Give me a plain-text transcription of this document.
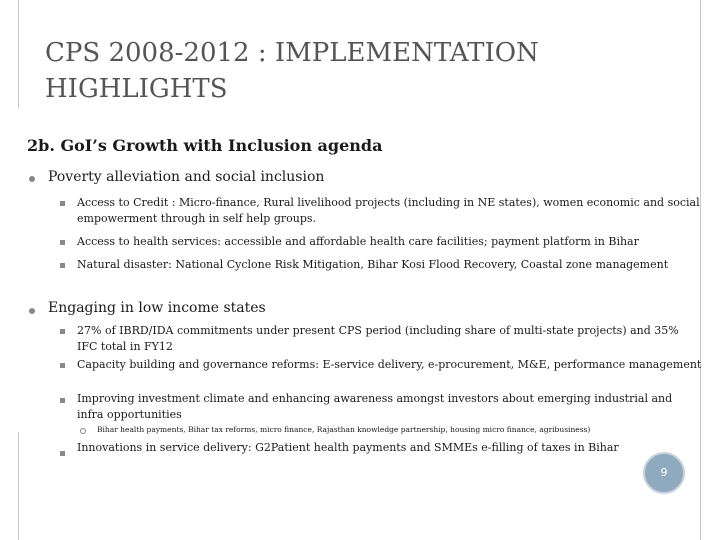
CPS 2008-2012 : IMPLEMENTATION HIGHLIGHTS
2b. GoI’s Growth with Inclusion agenda
Poverty alleviation and social inclusion
Access to Credit : Micro-finance, Rural livelihood projects (including in NE states), women economic and social empowerment through in self help groups.
Access to health services: accessible and affordable health care facilities; payment platform in Bihar
Natural disaster: National Cyclone Risk Mitigation, Bihar Kosi Flood Recovery, Coastal zone management
Engaging in low income states
27% of IBRD/IDA commitments under present CPS period (including share of multi-state projects) and 35% IFC total in FY12
Capacity building and governance reforms: E-service delivery, e-procurement, M&E, performance management
Improving investment climate and enhancing awareness amongst investors about emerging industrial and infra opportunities
Bihar health payments, Bihar tax reforms, micro finance, Rajasthan knowledge partnership, housing micro finance, agribusiness)
Innovations in service delivery: G2Patient health payments and SMMEs e-filling of taxes in Bihar
9
